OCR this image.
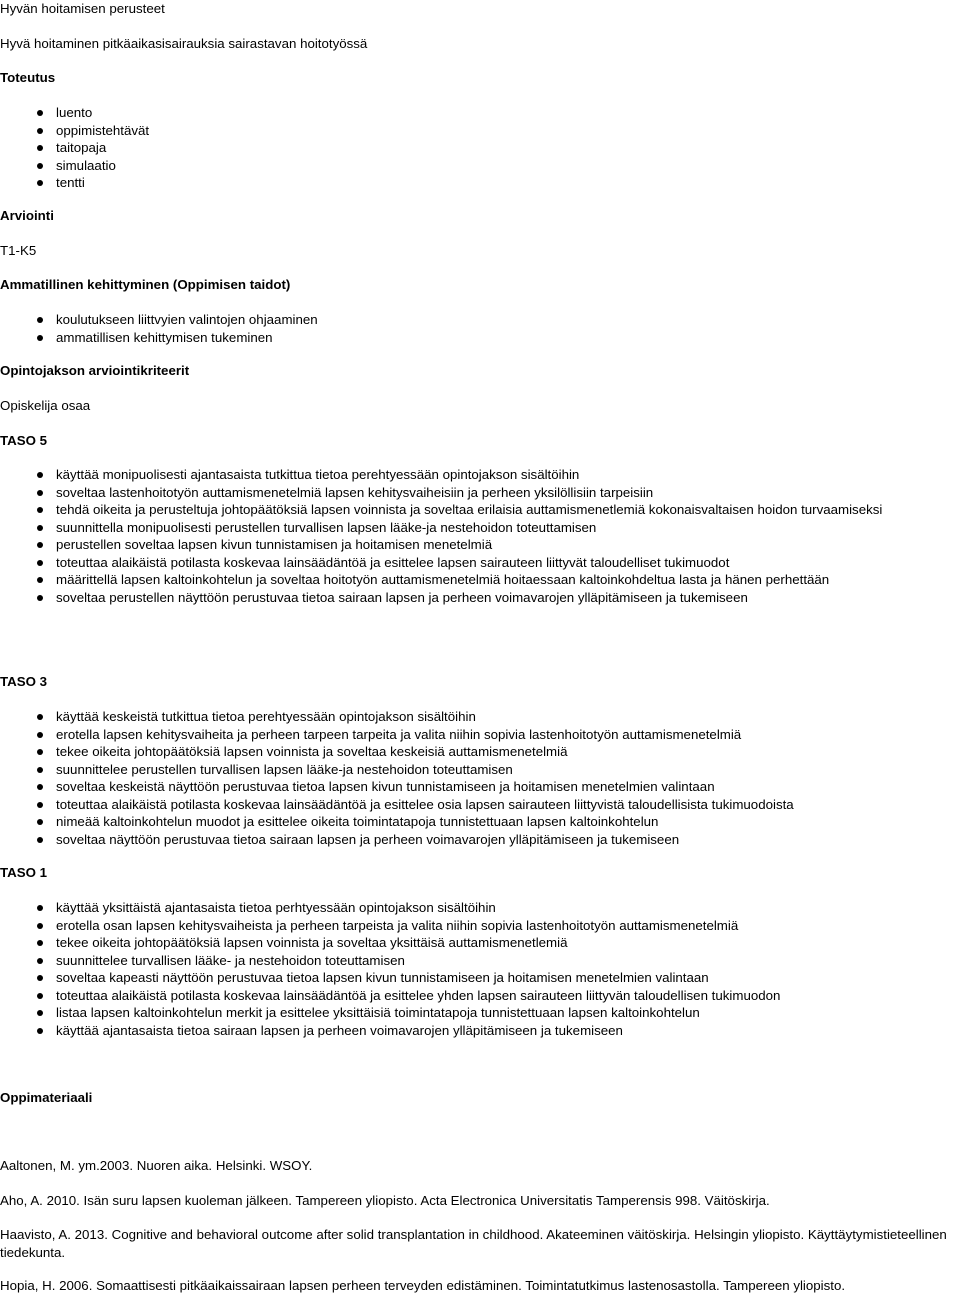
Hyvän hoitamisen perusteet

Hyvä hoitaminen pitkäaikasisairauksia sairastavan hoitotyössä

Toteutus

luento
oppimistehtävät
taitopaja
simulaatio
tentti

Arviointi

T1-K5

Ammatillinen kehittyminen (Oppimisen taidot)

koulutukseen liittvyien valintojen ohjaaminen
ammatillisen kehittymisen tukeminen

Opintojakson arviointikriteerit

Opiskelija osaa

TASO 5

käyttää monipuolisesti ajantasaista tutkittua tietoa perehtyessään opintojakson sisältöihin
soveltaa lastenhoitotyön auttamismenetelmiä lapsen kehitysvaiheisiin ja perheen yksilöllisiin tarpeisiin
tehdä oikeita ja perusteltuja johtopäätöksiä lapsen voinnista ja soveltaa erilaisia auttamismenetlemiä kokonaisvaltaisen hoidon turvaamiseksi
suunnittella monipuolisesti perustellen turvallisen lapsen lääke-ja nestehoidon toteuttamisen
perustellen soveltaa lapsen kivun tunnistamisen ja hoitamisen menetelmiä
toteuttaa alaikäistä potilasta koskevaa lainsäädäntöä ja esittelee lapsen sairauteen liittyvät taloudelliset tukimuodot
määrittellä lapsen kaltoinkohtelun ja soveltaa hoitotyön auttamismenetelmiä hoitaessaan kaltoinkohdeltua lasta ja hänen perhettään
soveltaa perustellen näyttöön perustuvaa tietoa sairaan lapsen ja perheen voimavarojen ylläpitämiseen ja tukemiseen

TASO 3

käyttää keskeistä tutkittua tietoa perehtyessään opintojakson sisältöihin
erotella lapsen kehitysvaiheita ja perheen tarpeen tarpeita ja valita niihin sopivia lastenhoitotyön auttamismenetelmiä
tekee oikeita johtopäätöksiä lapsen voinnista ja soveltaa keskeisiä auttamismenetelmiä
suunnittelee perustellen turvallisen lapsen lääke-ja nestehoidon toteuttamisen
soveltaa keskeistä näyttöön perustuvaa tietoa lapsen kivun tunnistamiseen ja hoitamisen menetelmien valintaan
toteuttaa alaikäistä potilasta koskevaa lainsäädäntöä ja esittelee osia lapsen sairauteen liittyvistä taloudellisista tukimuodoista
nimeää kaltoinkohtelun muodot ja esittelee oikeita toimintatapoja tunnistettuaan lapsen kaltoinkohtelun
soveltaa näyttöön perustuvaa tietoa sairaan lapsen ja perheen voimavarojen ylläpitämiseen ja tukemiseen

TASO 1

käyttää yksittäistä ajantasaista tietoa perhtyessään opintojakson sisältöihin
erotella osan lapsen kehitysvaiheista ja perheen tarpeista ja valita niihin sopivia lastenhoitotyön auttamismenetelmiä
tekee oikeita johtopäätöksiä lapsen voinnista ja soveltaa yksittäisä auttamismenetlemiä
suunnittelee turvallisen lääke- ja nestehoidon toteuttamisen
soveltaa kapeasti näyttöön perustuvaa tietoa lapsen kivun tunnistamiseen ja hoitamisen menetelmien valintaan
toteuttaa alaikäistä potilasta koskevaa lainsäädäntöä ja esittelee yhden lapsen sairauteen liittyvän taloudellisen tukimuodon
listaa lapsen kaltoinkohtelun merkit ja esittelee yksittäisiä toimintatapoja tunnistettuaan lapsen kaltoinkohtelun
käyttää ajantasaista tietoa sairaan lapsen ja perheen voimavarojen ylläpitämiseen ja tukemiseen

Oppimateriaali

Aaltonen, M. ym.2003. Nuoren aika. Helsinki. WSOY.

Aho, A. 2010. Isän suru lapsen kuoleman jälkeen. Tampereen yliopisto. Acta Electronica Universitatis Tamperensis 998. Väitöskirja.

Haavisto, A. 2013. Cognitive and behavioral outcome after solid transplantation in childhood. Akateeminen väitöskirja. Helsingin yliopisto. Käyttäytymistieteellinen tiedekunta.

Hopia, H. 2006. Somaattisesti pitkäaikaissairaan lapsen perheen terveyden edistäminen. Toimintatutkimus lastenosastolla. Tampereen yliopisto.
